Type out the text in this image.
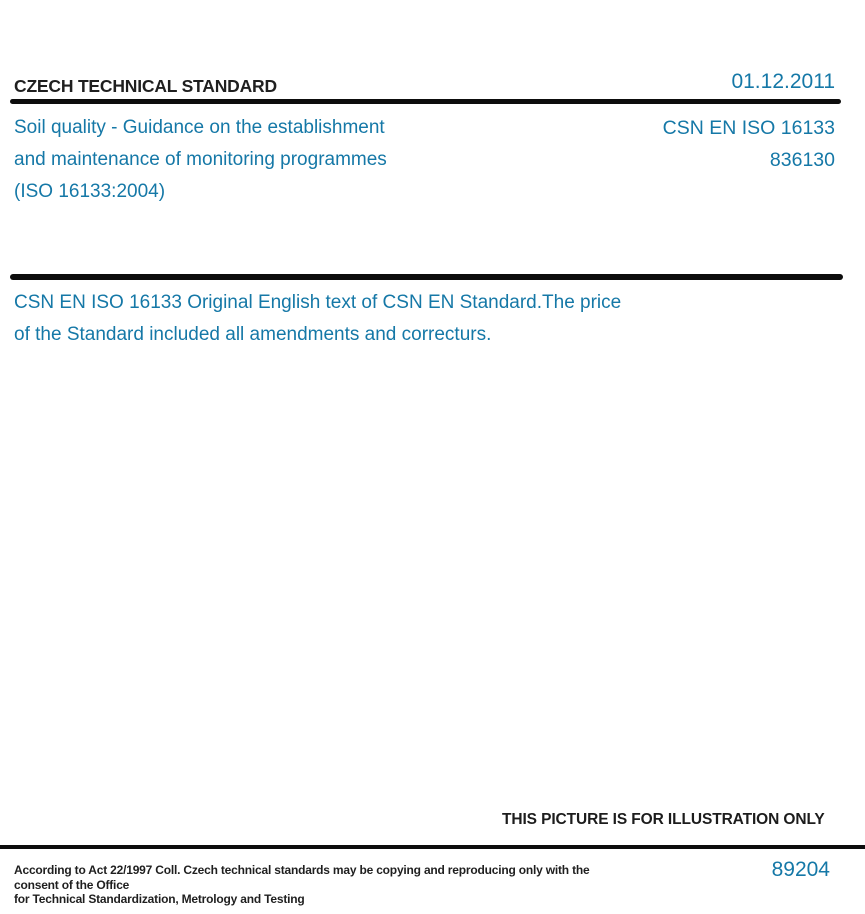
CZECH TECHNICAL STANDARD	01.12.2011
Soil quality - Guidance on the establishment
and maintenance of monitoring programmes
(ISO 16133:2004)
CSN EN ISO 16133
836130
CSN EN ISO 16133 Original English text of CSN EN Standard.The price
of the Standard included all amendments and correcturs.
THIS PICTURE IS FOR ILLUSTRATION ONLY
According to Act 22/1997 Coll. Czech technical standards may be copying and reproducing only with the consent of the Office
for Technical Standardization, Metrology and Testing
89204
